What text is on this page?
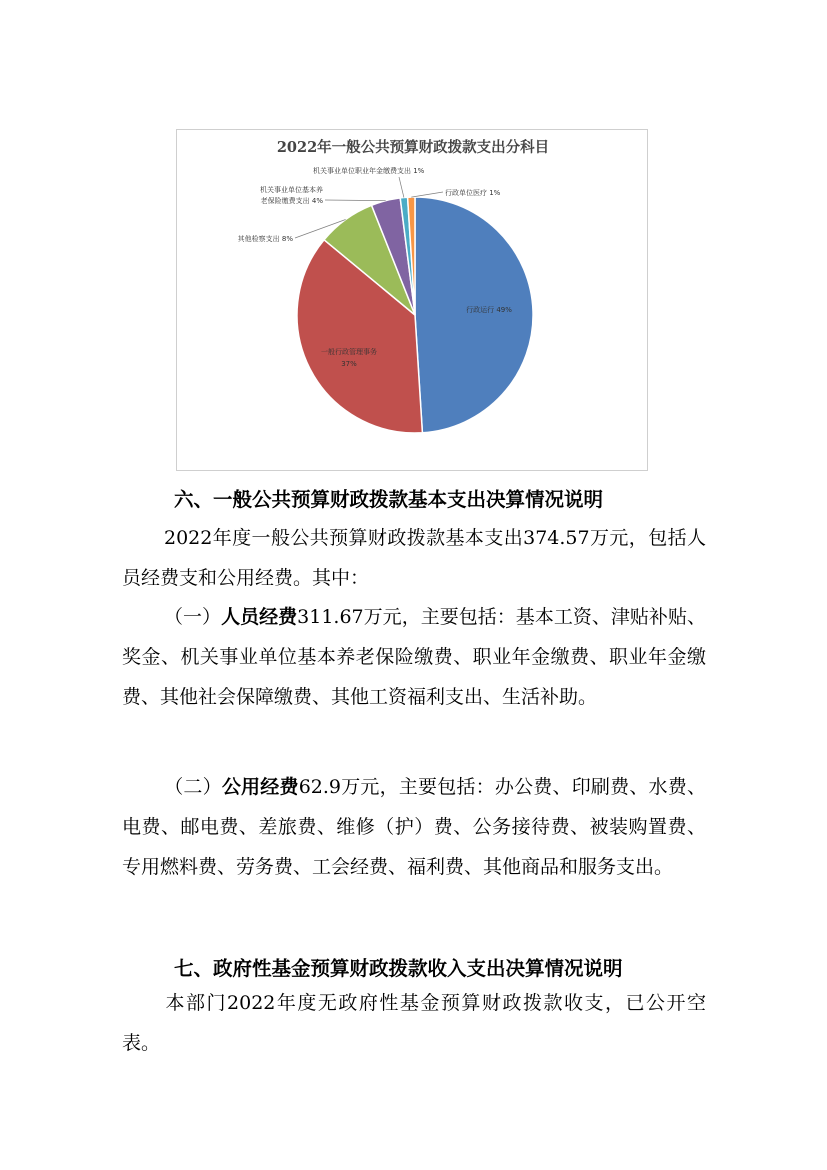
2022年一般公共预算财政拨款支出分科目
行政运行 49%
一般行政管理事务
37%
其他检察支出 8%
机关事业单位基本养
老保险缴费支出 4%
机关事业单位职业年金缴费支出 1%
行政单位医疗 1%
六、一般公共预算财政拨款基本支出决算情况说明

2022年度一般公共预算财政拨款基本支出374.57万元，包括人员经费支和公用经费。其中：

（一）人员经费311.67万元，主要包括：基本工资、津贴补贴、奖金、机关事业单位基本养老保险缴费、职业年金缴费、职业年金缴费、其他社会保障缴费、其他工资福利支出、生活补助。

（二）公用经费62.9万元，主要包括：办公费、印刷费、水费、电费、邮电费、差旅费、维修（护）费、公务接待费、被装购置费、专用燃料费、劳务费、工会经费、福利费、其他商品和服务支出。

七、政府性基金预算财政拨款收入支出决算情况说明

本部门2022年度无政府性基金预算财政拨款收支，已公开空表。
